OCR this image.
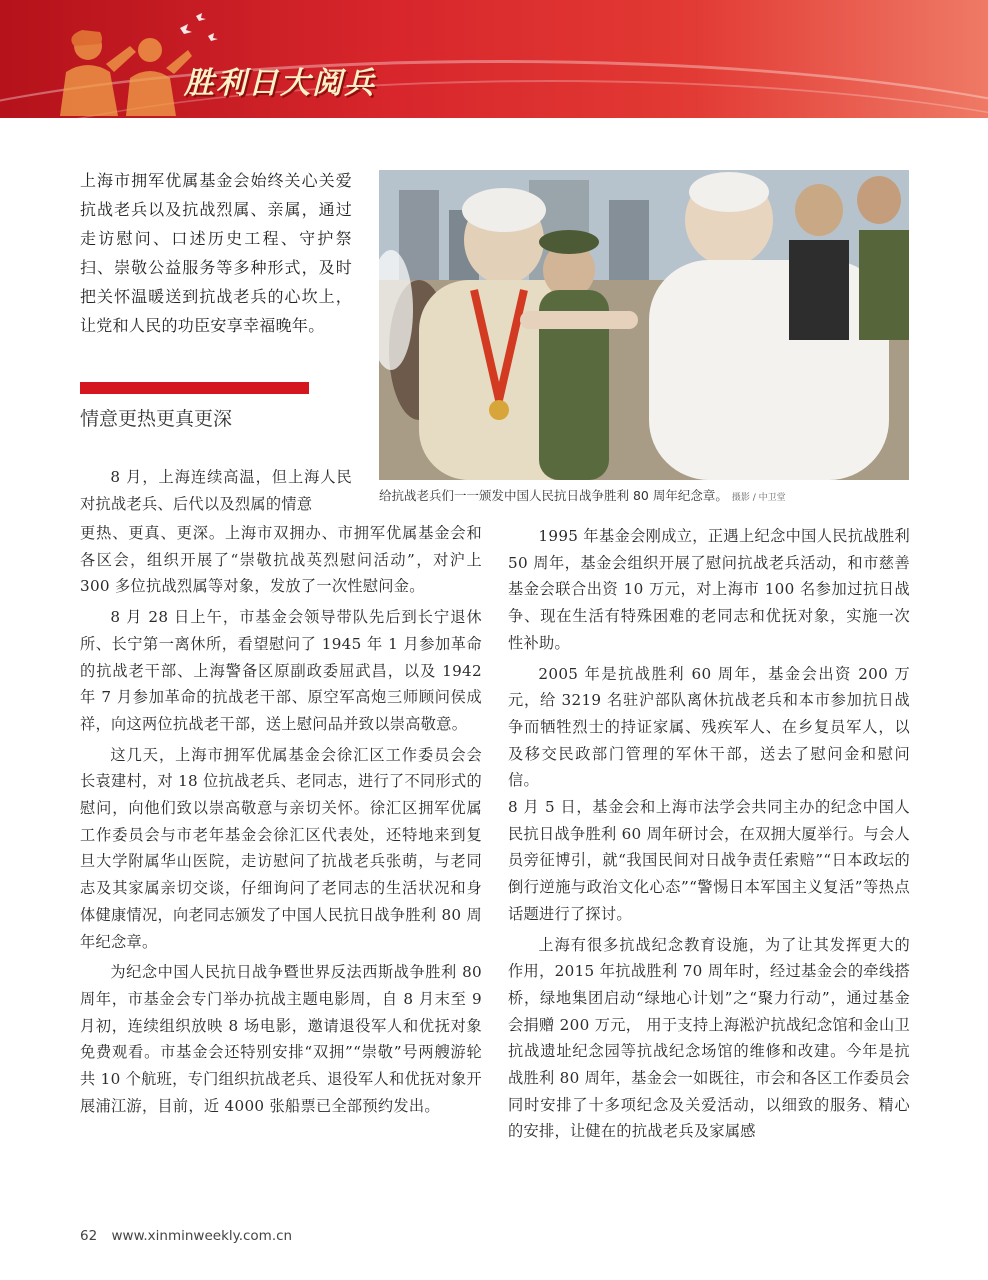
胜利日大阅兵

上海市拥军优属基金会始终关心关爱抗战老兵以及抗战烈属、亲属，通过走访慰问、口述历史工程、守护祭扫、崇敬公益服务等多种形式，及时把关怀温暖送到抗战老兵的心坎上，让党和人民的功臣安享幸福晚年。

情意更热更真更深
给抗战老兵们一一颁发中国人民抗日战争胜利 80 周年纪念章。 摄影 / 中卫堂

8 月，上海连续高温，但上海人民对抗战老兵、后代以及烈属的情意

更热、更真、更深。上海市双拥办、市拥军优属基金会和各区会，组织开展了“崇敬抗战英烈慰问活动”，对沪上 300 多位抗战烈属等对象，发放了一次性慰问金。

8 月 28 日上午，市基金会领导带队先后到长宁退休所、长宁第一离休所，看望慰问了 1945 年 1 月参加革命的抗战老干部、上海警备区原副政委屈武昌，以及 1942 年 7 月参加革命的抗战老干部、原空军高炮三师顾问侯成祥，向这两位抗战老干部，送上慰问品并致以崇高敬意。

这几天，上海市拥军优属基金会徐汇区工作委员会会长袁建村，对 18 位抗战老兵、老同志，进行了不同形式的慰问，向他们致以崇高敬意与亲切关怀。徐汇区拥军优属工作委员会与市老年基金会徐汇区代表处，还特地来到复旦大学附属华山医院，走访慰问了抗战老兵张萌，与老同志及其家属亲切交谈，仔细询问了老同志的生活状况和身体健康情况，向老同志颁发了中国人民抗日战争胜利 80 周年纪念章。

为纪念中国人民抗日战争暨世界反法西斯战争胜利 80 周年，市基金会专门举办抗战主题电影周，自 8 月末至 9 月初，连续组织放映 8 场电影，邀请退役军人和优抚对象免费观看。市基金会还特别安排“双拥”“崇敬”号两艘游轮共 10 个航班，专门组织抗战老兵、退役军人和优抚对象开展浦江游，目前，近 4000 张船票已全部预约发出。

1995 年基金会刚成立，正遇上纪念中国人民抗战胜利 50 周年，基金会组织开展了慰问抗战老兵活动，和市慈善基金会联合出资 10 万元，对上海市 100 名参加过抗日战争、现在生活有特殊困难的老同志和优抚对象，实施一次性补助。

2005 年是抗战胜利 60 周年，基金会出资 200 万元，给 3219 名驻沪部队离休抗战老兵和本市参加抗日战争而牺牲烈士的持证家属、残疾军人、在乡复员军人，以及移交民政部门管理的军休干部，送去了慰问金和慰问信。

8 月 5 日，基金会和上海市法学会共同主办的纪念中国人民抗日战争胜利 60 周年研讨会，在双拥大厦举行。与会人员旁征博引，就“我国民间对日战争责任索赔”“日本政坛的倒行逆施与政治文化心态”“警惕日本军国主义复活”等热点话题进行了探讨。

上海有很多抗战纪念教育设施，为了让其发挥更大的作用，2015 年抗战胜利 70 周年时，经过基金会的牵线搭桥，绿地集团启动“绿地心计划”之“聚力行动”，通过基金会捐赠 200 万元， 用于支持上海淞沪抗战纪念馆和金山卫抗战遗址纪念园等抗战纪念场馆的维修和改建。今年是抗战胜利 80 周年，基金会一如既往，市会和各区工作委员会同时安排了十多项纪念及关爱活动，以细致的服务、精心的安排，让健在的抗战老兵及家属感

62 www.xinminweekly.com.cn
